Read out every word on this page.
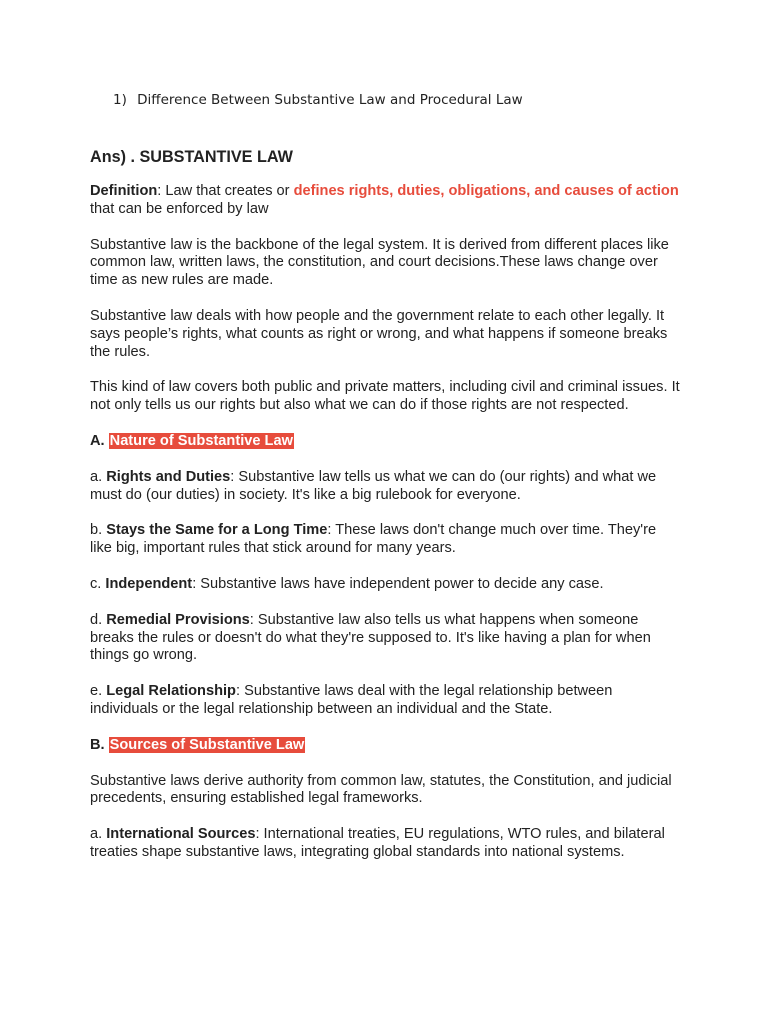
1) Difference Between Substantive Law and Procedural Law
Ans) . SUBSTANTIVE LAW

Definition: Law that creates or defines rights, duties, obligations, and causes of action that can be enforced by law

Substantive law is the backbone of the legal system. It is derived from different places like common law, written laws, the constitution, and court decisions.These laws change over time as new rules are made.

Substantive law deals with how people and the government relate to each other legally. It says people’s rights, what counts as right or wrong, and what happens if someone breaks the rules.

This kind of law covers both public and private matters, including civil and criminal issues. It not only tells us our rights but also what we can do if those rights are not respected.

A. Nature of Substantive Law

a. Rights and Duties: Substantive law tells us what we can do (our rights) and what we must do (our duties) in society. It's like a big rulebook for everyone.

b. Stays the Same for a Long Time: These laws don't change much over time. They're like big, important rules that stick around for many years.

c. Independent: Substantive laws have independent power to decide any case.

d. Remedial Provisions: Substantive law also tells us what happens when someone breaks the rules or doesn't do what they're supposed to. It's like having a plan for when things go wrong.

e. Legal Relationship: Substantive laws deal with the legal relationship between individuals or the legal relationship between an individual and the State.

B. Sources of Substantive Law

Substantive laws derive authority from common law, statutes, the Constitution, and judicial precedents, ensuring established legal frameworks.

a. International Sources: International treaties, EU regulations, WTO rules, and bilateral treaties shape substantive laws, integrating global standards into national systems.
